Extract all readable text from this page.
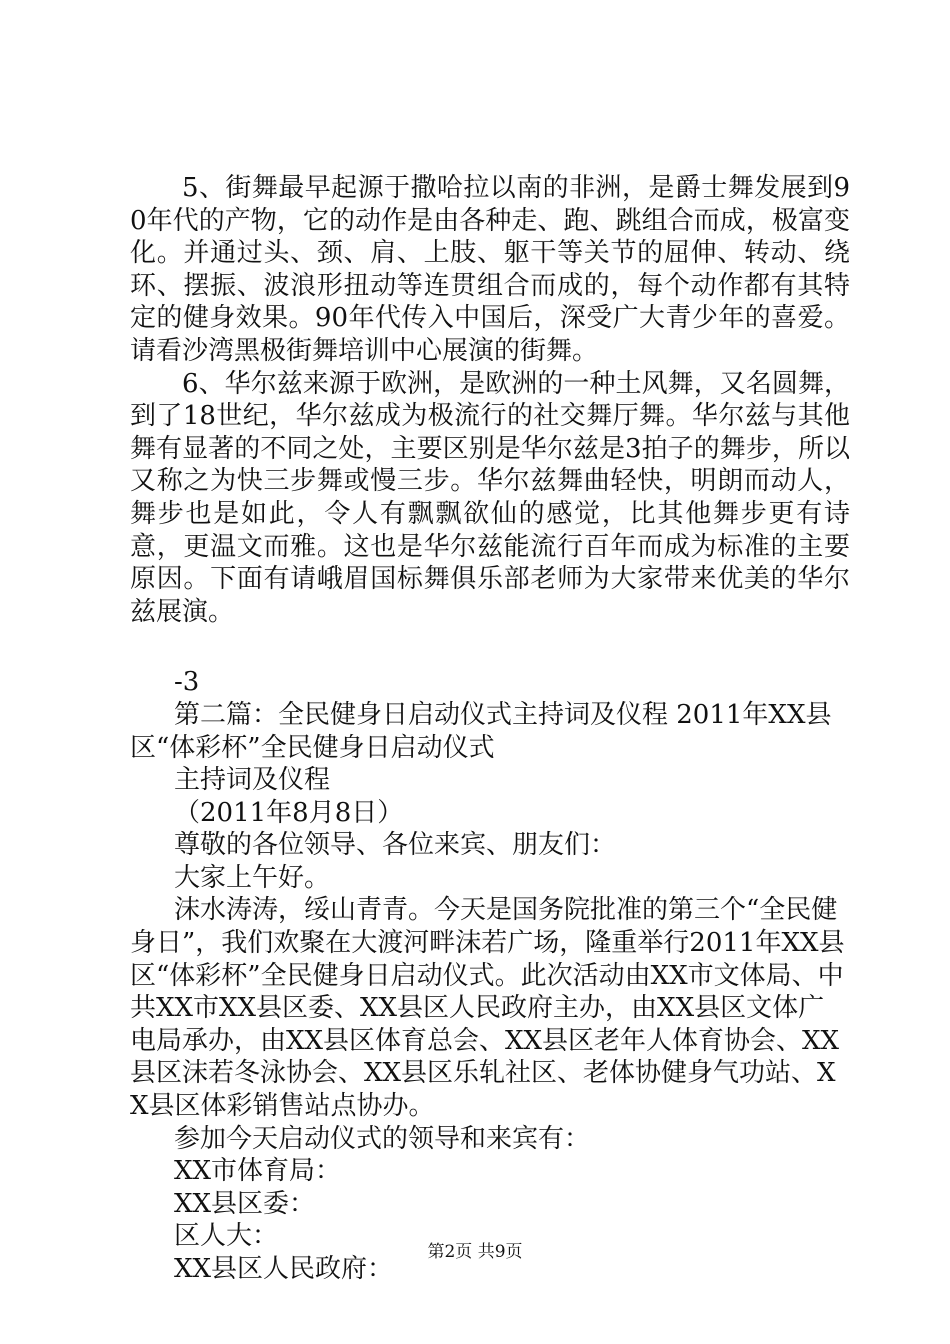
5、街舞最早起源于撒哈拉以南的非洲，是爵士舞发展到90年代的产物，它的动作是由各种走、跑、跳组合而成，极富变化。并通过头、颈、肩、上肢、躯干等关节的屈伸、转动、绕环、摆振、波浪形扭动等连贯组合而成的，每个动作都有其特定的健身效果。90年代传入中国后，深受广大青少年的喜爱。请看沙湾黑极街舞培训中心展演的街舞。

6、华尔兹来源于欧洲，是欧洲的一种土风舞，又名圆舞，到了18世纪，华尔兹成为极流行的社交舞厅舞。华尔兹与其他舞有显著的不同之处，主要区别是华尔兹是3拍子的舞步，所以又称之为快三步舞或慢三步。华尔兹舞曲轻快，明朗而动人，舞步也是如此，令人有飘飘欲仙的感觉，比其他舞步更有诗意，更温文而雅。这也是华尔兹能流行百年而成为标准的主要原因。下面有请峨眉国标舞俱乐部老师为大家带来优美的华尔兹展演。

-3

第二篇：全民健身日启动仪式主持词及仪程 2011年XX县区“体彩杯”全民健身日启动仪式

主持词及仪程

（2011年8月8日）

尊敬的各位领导、各位来宾、朋友们：

大家上午好。

沫水涛涛，绥山青青。今天是国务院批准的第三个“全民健身日”，我们欢聚在大渡河畔沫若广场，隆重举行2011年XX县区“体彩杯”全民健身日启动仪式。此次活动由XX市文体局、中共XX市XX县区委、XX县区人民政府主办，由XX县区文体广电局承办，由XX县区体育总会、XX县区老年人体育协会、XX县区沫若冬泳协会、XX县区乐轧社区、老体协健身气功站、XX县区体彩销售站点协办。

参加今天启动仪式的领导和来宾有：

XX市体育局：

XX县区委：

区人大：

XX县区人民政府：

第2页 共9页
